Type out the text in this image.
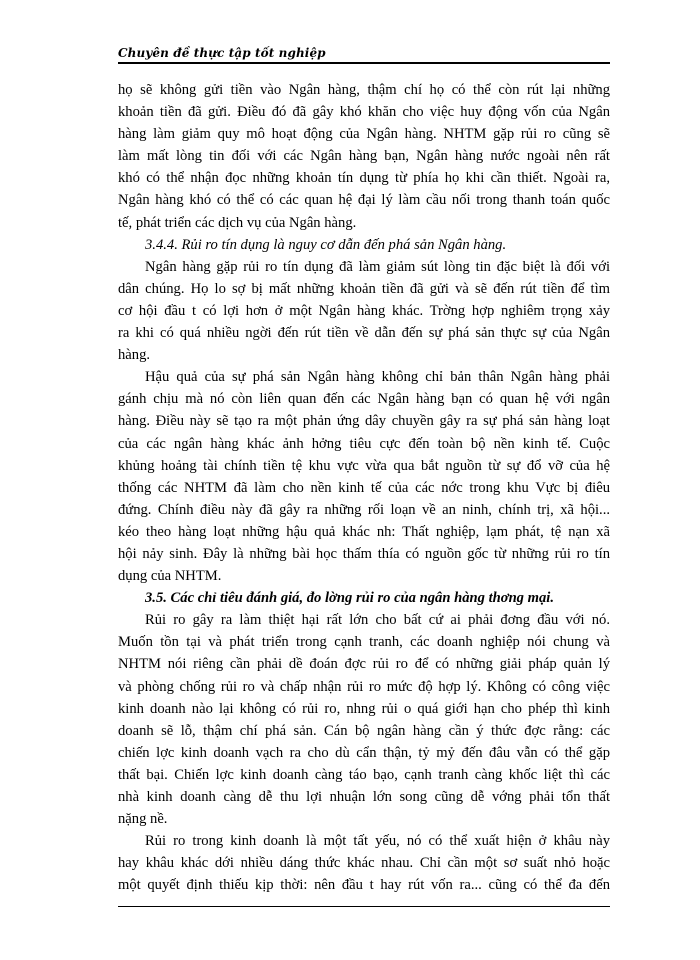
Chuyên đề thực tập tốt nghiệp
họ sẽ không gửi tiền vào Ngân hàng, thậm chí họ có thể còn rút lại những
khoản tiền đã gửi. Điều đó đã gây khó khăn cho việc huy động vốn của Ngân
hàng làm giảm quy mô hoạt động của Ngân hàng. NHTM gặp rủi ro cũng sẽ
làm mất lòng tin đối với các Ngân hàng bạn, Ngân hàng nước ngoài nên rất
khó có thể nhận đọc những khoản tín dụng từ phía họ khi cần thiết. Ngoài ra,
Ngân hàng khó có thể có các quan hệ đại lý làm cầu nối trong thanh toán quốc
tế, phát triển các dịch vụ của Ngân hàng.
3.4.4. Rủi ro tín dụng là nguy cơ dẫn đến phá sản Ngân hàng.
Ngân hàng gặp rủi ro tín dụng đã làm giảm sút lòng tin đặc biệt là đối với
dân chúng. Họ lo sợ bị mất những khoản tiền đã gửi và sẽ đến rút tiền để tìm
cơ hội đầu t có lợi hơn ở một Ngân hàng khác. Trờng hợp nghiêm trọng xảy
ra khi có quá nhiều ngời đến rút tiền về dẫn đến sự phá sản thực sự của Ngân
hàng.
Hậu quả của sự phá sản Ngân hàng không chỉ bản thân Ngân hàng phải
gánh chịu mà nó còn liên quan đến các Ngân hàng bạn có quan hệ với ngân
hàng. Điều này sẽ tạo ra một phản ứng dây chuyền gây ra sự phá sản hàng loạt
của các ngân hàng khác ảnh hởng tiêu cực đến toàn bộ nền kinh tế. Cuộc
khủng hoảng tài chính tiền tệ khu vực vừa qua bắt nguồn từ sự đổ vỡ của hệ
thống các NHTM đã làm cho nền kinh tế của các nớc trong khu Vực bị điêu
đứng. Chính điều này đã gây ra những rối loạn về an ninh, chính trị, xã hội...
kéo theo hàng loạt những hậu quả khác nh: Thất nghiệp, lạm phát, tệ nạn xã
hội nảy sinh. Đây là những bài học thấm thía có nguồn gốc từ những rủi ro tín
dụng của NHTM.
3.5. Các chỉ tiêu đánh giá, đo lờng rủi ro của ngân hàng thơng mại.
Rủi ro gây ra làm thiệt hại rất lớn cho bất cứ ai phải đơng đầu với nó.
Muốn tồn tại và phát triển trong cạnh tranh, các doanh nghiệp nói chung và
NHTM nói riêng cần phải dề đoán đợc rủi ro để có những giải pháp quản lý
và phòng chống rủi ro và chấp nhận rủi ro mức độ hợp lý. Không có công việc
kinh doanh nào lại không có rủi ro, nhng rủi o quá giới hạn cho phép thì kinh
doanh sẽ lỗ, thậm chí phá sản. Cán bộ ngân hàng cần ý thức đợc rằng: các
chiến lợc kinh doanh vạch ra cho dù cẩn thận, tỷ mỷ đến đâu vẫn có thể gặp
thất bại. Chiến lợc kinh doanh càng táo bạo, cạnh tranh càng khốc liệt thì các
nhà kinh doanh càng dễ thu lợi nhuận lớn song cũng dễ vớng phải tổn thất
nặng nề.
Rủi ro trong kinh doanh là một tất yếu, nó có thể xuất hiện ở khâu này
hay khâu khác dới nhiều dáng thức khác nhau. Chỉ cần một sơ suất nhỏ hoặc
một quyết định thiếu kịp thời: nên đầu t hay rút vốn ra... cũng có thể đa đến
